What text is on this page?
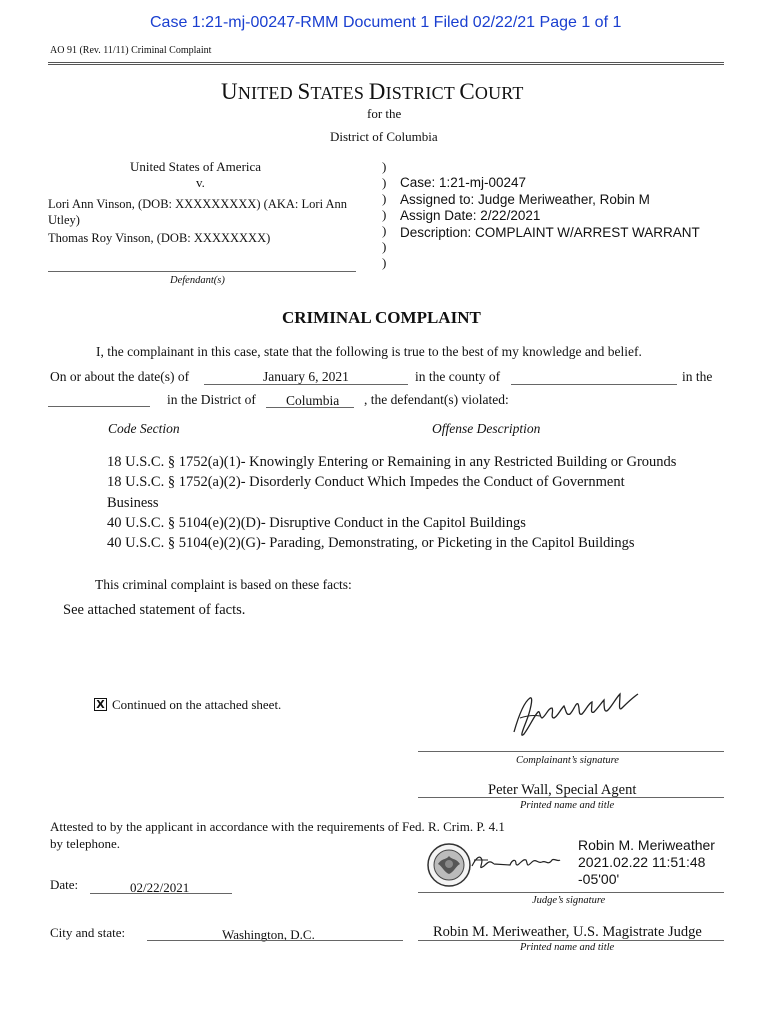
Case 1:21-mj-00247-RMM Document 1 Filed 02/22/21 Page 1 of 1
AO 91 (Rev. 11/11) Criminal Complaint
UNITED STATES DISTRICT COURT
for the
District of Columbia
United States of America
v.
Lori Ann Vinson, (DOB: XXXXXXXXX) (AKA: Lori Ann
Utley)
Thomas Roy Vinson, (DOB: XXXXXXXX)
Defendant(s)
)
)
)
)
)
)
)
Case: 1:21-mj-00247
Assigned to: Judge Meriweather, Robin M
Assign Date: 2/22/2021
Description: COMPLAINT W/ARREST WARRANT
CRIMINAL COMPLAINT
I, the complainant in this case, state that the following is true to the best of my knowledge and belief.
On or about the date(s) of	January 6, 2021	in the county of	in the
in the District of Columbia , the defendant(s) violated:
Code Section	Offense Description
18 U.S.C. § 1752(a)(1)- Knowingly Entering or Remaining in any Restricted Building or Grounds
18 U.S.C. § 1752(a)(2)- Disorderly Conduct Which Impedes the Conduct of Government
Business
40 U.S.C. § 5104(e)(2)(D)- Disruptive Conduct in the Capitol Buildings
40 U.S.C. § 5104(e)(2)(G)- Parading, Demonstrating, or Picketing in the Capitol Buildings
This criminal complaint is based on these facts:
See attached statement of facts.
X Continued on the attached sheet.
Complainant’s signature
Peter Wall, Special Agent
Printed name and title
Attested to by the applicant in accordance with the requirements of Fed. R. Crim. P. 4.1
by telephone.
Date:	02/22/2021
Robin M. Meriweather
2021.02.22 11:51:48
-05'00'
Judge’s signature
City and state:	Washington, D.C.	Robin M. Meriweather, U.S. Magistrate Judge
Printed name and title
